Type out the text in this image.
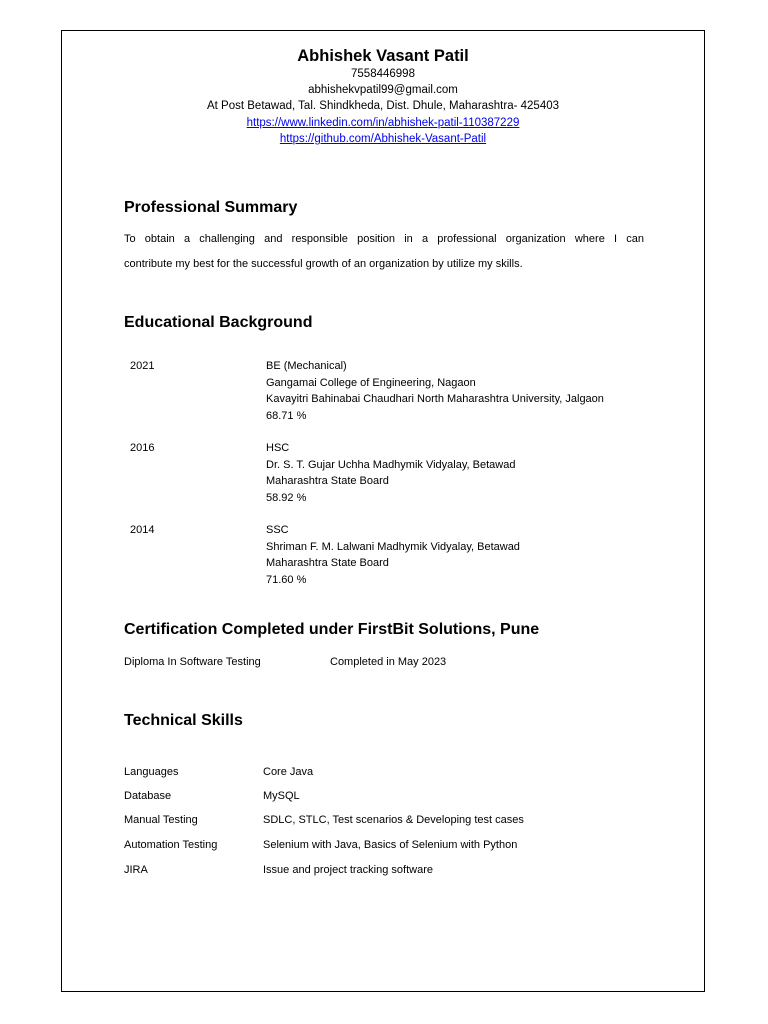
Abhishek Vasant Patil
7558446998
abhishekvpatil99@gmail.com
At Post Betawad, Tal. Shindkheda, Dist. Dhule, Maharashtra- 425403
https://www.linkedin.com/in/abhishek-patil-110387229
https://github.com/Abhishek-Vasant-Patil
Professional Summary
To obtain a challenging and responsible position in a professional organization where I can
contribute my best for the successful growth of an organization by utilize my skills.
Educational Background
2021	BE (Mechanical)
Gangamai College of Engineering, Nagaon
Kavayitri Bahinabai Chaudhari North Maharashtra University, Jalgaon
68.71 %
2016	HSC
Dr. S. T. Gujar Uchha Madhymik Vidyalay, Betawad
Maharashtra State Board
58.92 %
2014	SSC
Shriman F. M. Lalwani Madhymik Vidyalay, Betawad
Maharashtra State Board
71.60 %
Certification Completed under FirstBit Solutions, Pune
Diploma In Software Testing	Completed in May 2023
Technical Skills
Languages	Core Java
Database	MySQL
Manual Testing	SDLC, STLC, Test scenarios & Developing test cases
Automation Testing	Selenium with Java, Basics of Selenium with Python
JIRA	Issue and project tracking software
